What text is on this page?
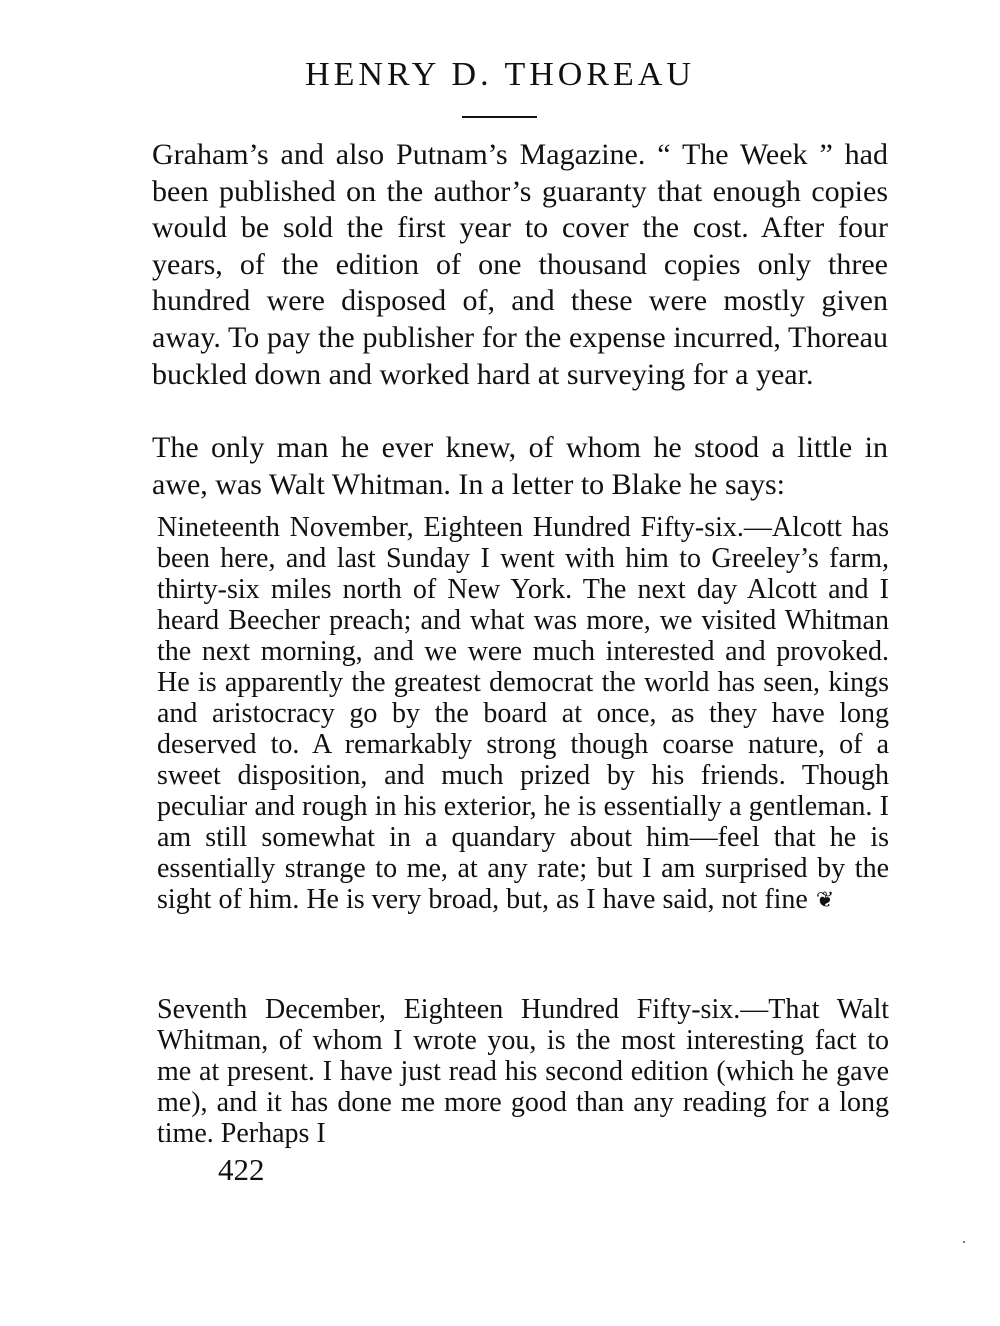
HENRY D. THOREAU

Graham’s and also Putnam’s Magazine. “ The Week ” had been published on the author’s guaranty that enough copies would be sold the first year to cover the cost. After four years, of the edition of one thousand copies only three hundred were disposed of, and these were mostly given away. To pay the publisher for the expense incurred, Thoreau buckled down and worked hard at surveying for a year.

The only man he ever knew, of whom he stood a little in awe, was Walt Whitman. In a letter to Blake he says:

Nineteenth November, Eighteen Hundred Fifty-six.—Alcott has been here, and last Sunday I went with him to Greeley’s farm, thirty-six miles north of New York. The next day Alcott and I heard Beecher preach; and what was more, we visited Whitman the next morning, and we were much interested and provoked. He is apparently the greatest democrat the world has seen, kings and aristocracy go by the board at once, as they have long deserved to. A remarkably strong though coarse nature, of a sweet disposition, and much prized by his friends. Though peculiar and rough in his exterior, he is essentially a gentleman. I am still somewhat in a quandary about him—feel that he is essentially strange to me, at any rate; but I am surprised by the sight of him. He is very broad, but, as I have said, not fine ❦

Seventh December, Eighteen Hundred Fifty-six.—That Walt Whitman, of whom I wrote you, is the most interesting fact to me at present. I have just read his second edition (which he gave me), and it has done me more good than any reading for a long time. Perhaps I

422
